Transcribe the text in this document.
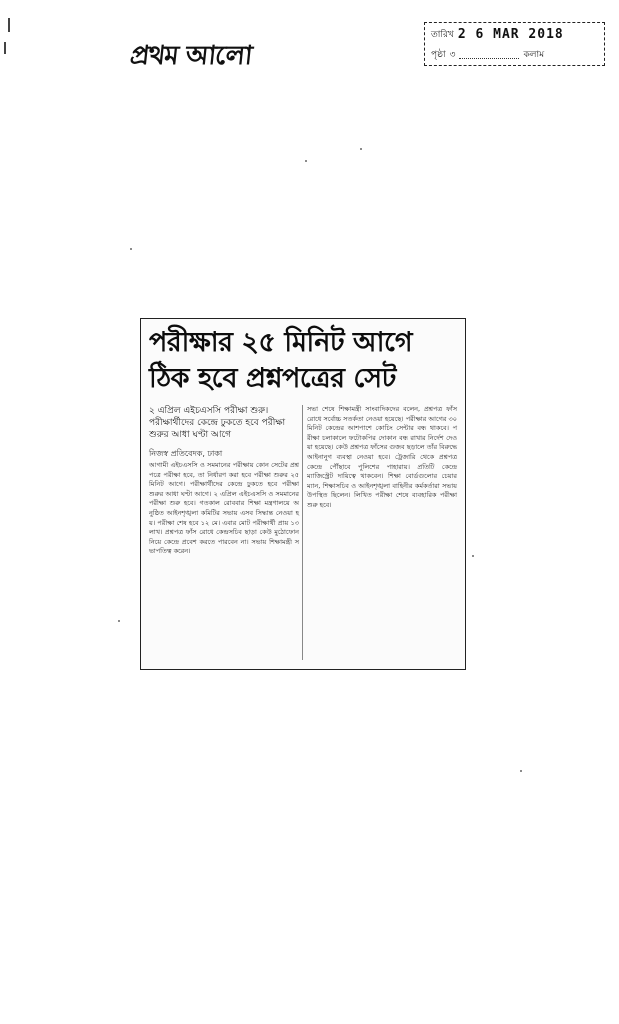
প্রথম আলো
তারিখ 2 6 MAR 2018
পৃষ্ঠা ৩	কলাম
পরীক্ষার ২৫ মিনিট আগে
ঠিক হবে প্রশ্নপত্রের সেট
২ এপ্রিল এইচএসসি পরীক্ষা শুরু। পরীক্ষার্থীদের কেন্দ্রে ঢুকতে হবে পরীক্ষা শুরুর আধা ঘণ্টা আগে
নিজস্ব প্রতিবেদক, ঢাকা
আগামী এইচএসসি ও সমমানের পরীক্ষায় কোন সেটের প্রশ্নপত্রে পরীক্ষা হবে, তা নির্ধারণ করা হবে পরীক্ষা শুরুর ২৫ মিনিট আগে। পরীক্ষার্থীদের কেন্দ্রে ঢুকতে হবে পরীক্ষা শুরুর আধা ঘণ্টা আগে। ২ এপ্রিল এইচএসসি ও সমমানের পরীক্ষা শুরু হবে। গতকাল রোববার শিক্ষা মন্ত্রণালয়ে অনুষ্ঠিত আইনশৃঙ্খলা কমিটির সভায় এসব সিদ্ধান্ত নেওয়া হয়। পরীক্ষা শেষ হবে ১২ মে। এবার মোট পরীক্ষার্থী প্রায় ১৩ লাখ। প্রশ্নপত্র ফাঁস রোধে কেন্দ্রসচিব ছাড়া কেউ মুঠোফোন নিয়ে কেন্দ্রে প্রবেশ করতে পারবেন না। সভায় শিক্ষামন্ত্রী সভাপতিত্ব করেন।
সভা শেষে শিক্ষামন্ত্রী সাংবাদিকদের বলেন, প্রশ্নপত্র ফাঁস রোধে সর্বোচ্চ সতর্কতা নেওয়া হয়েছে। পরীক্ষার আগের ৩০ মিনিট কেন্দ্রের আশপাশে কোচিং সেন্টার বন্ধ থাকবে। পরীক্ষা চলাকালে ফটোকপির দোকান বন্ধ রাখার নির্দেশ দেওয়া হয়েছে। কেউ প্রশ্নপত্র ফাঁসের গুজব ছড়ালে তাঁর বিরুদ্ধে আইনানুগ ব্যবস্থা নেওয়া হবে। ট্রেজারি থেকে প্রশ্নপত্র কেন্দ্রে পৌঁছাবে পুলিশের পাহারায়। প্রতিটি কেন্দ্রে ম্যাজিস্ট্রেট দায়িত্বে থাকবেন। শিক্ষা বোর্ডগুলোর চেয়ারম্যান, শিক্ষাসচিব ও আইনশৃঙ্খলা বাহিনীর কর্মকর্তারা সভায় উপস্থিত ছিলেন। লিখিত পরীক্ষা শেষে ব্যবহারিক পরীক্ষা শুরু হবে।
